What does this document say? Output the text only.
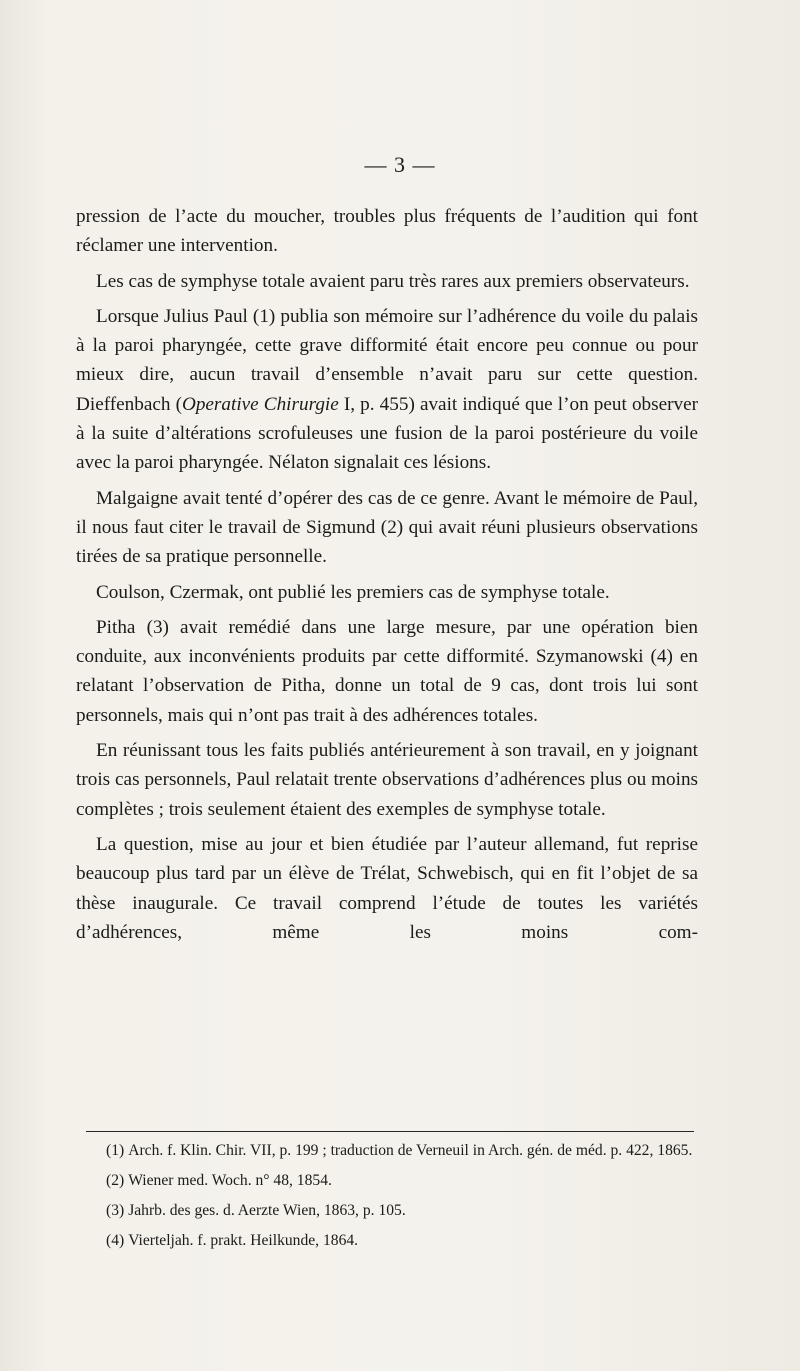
— 3 —

pression de l’acte du moucher, troubles plus fréquents de l’audition qui font réclamer une intervention.

Les cas de symphyse totale avaient paru très rares aux premiers observateurs.

Lorsque Julius Paul (1) publia son mémoire sur l’adhérence du voile du palais à la paroi pharyngée, cette grave difformité était encore peu connue ou pour mieux dire, aucun travail d’ensemble n’avait paru sur cette question. Dieffenbach (Operative Chirurgie I, p. 455) avait indiqué que l’on peut observer à la suite d’altérations scrofuleuses une fusion de la paroi postérieure du voile avec la paroi pharyngée. Nélaton signalait ces lésions.

Malgaigne avait tenté d’opérer des cas de ce genre. Avant le mémoire de Paul, il nous faut citer le travail de Sigmund (2) qui avait réuni plusieurs observations tirées de sa pratique personnelle.

Coulson, Czermak, ont publié les premiers cas de symphyse totale.

Pitha (3) avait remédié dans une large mesure, par une opération bien conduite, aux inconvénients produits par cette difformité. Szymanowski (4) en relatant l’observation de Pitha, donne un total de 9 cas, dont trois lui sont personnels, mais qui n’ont pas trait à des adhérences totales.

En réunissant tous les faits publiés antérieurement à son travail, en y joignant trois cas personnels, Paul relatait trente observations d’adhérences plus ou moins complètes ; trois seulement étaient des exemples de symphyse totale.

La question, mise au jour et bien étudiée par l’auteur allemand, fut reprise beaucoup plus tard par un élève de Trélat, Schwebisch, qui en fit l’objet de sa thèse inaugurale. Ce travail comprend l’étude de toutes les variétés d’adhérences, même les moins com-

(1) Arch. f. Klin. Chir. VII, p. 199 ; traduction de Verneuil in Arch. gén. de méd. p. 422, 1865.

(2) Wiener med. Woch. n° 48, 1854.

(3) Jahrb. des ges. d. Aerzte Wien, 1863, p. 105.

(4) Vierteljah. f. prakt. Heilkunde, 1864.
